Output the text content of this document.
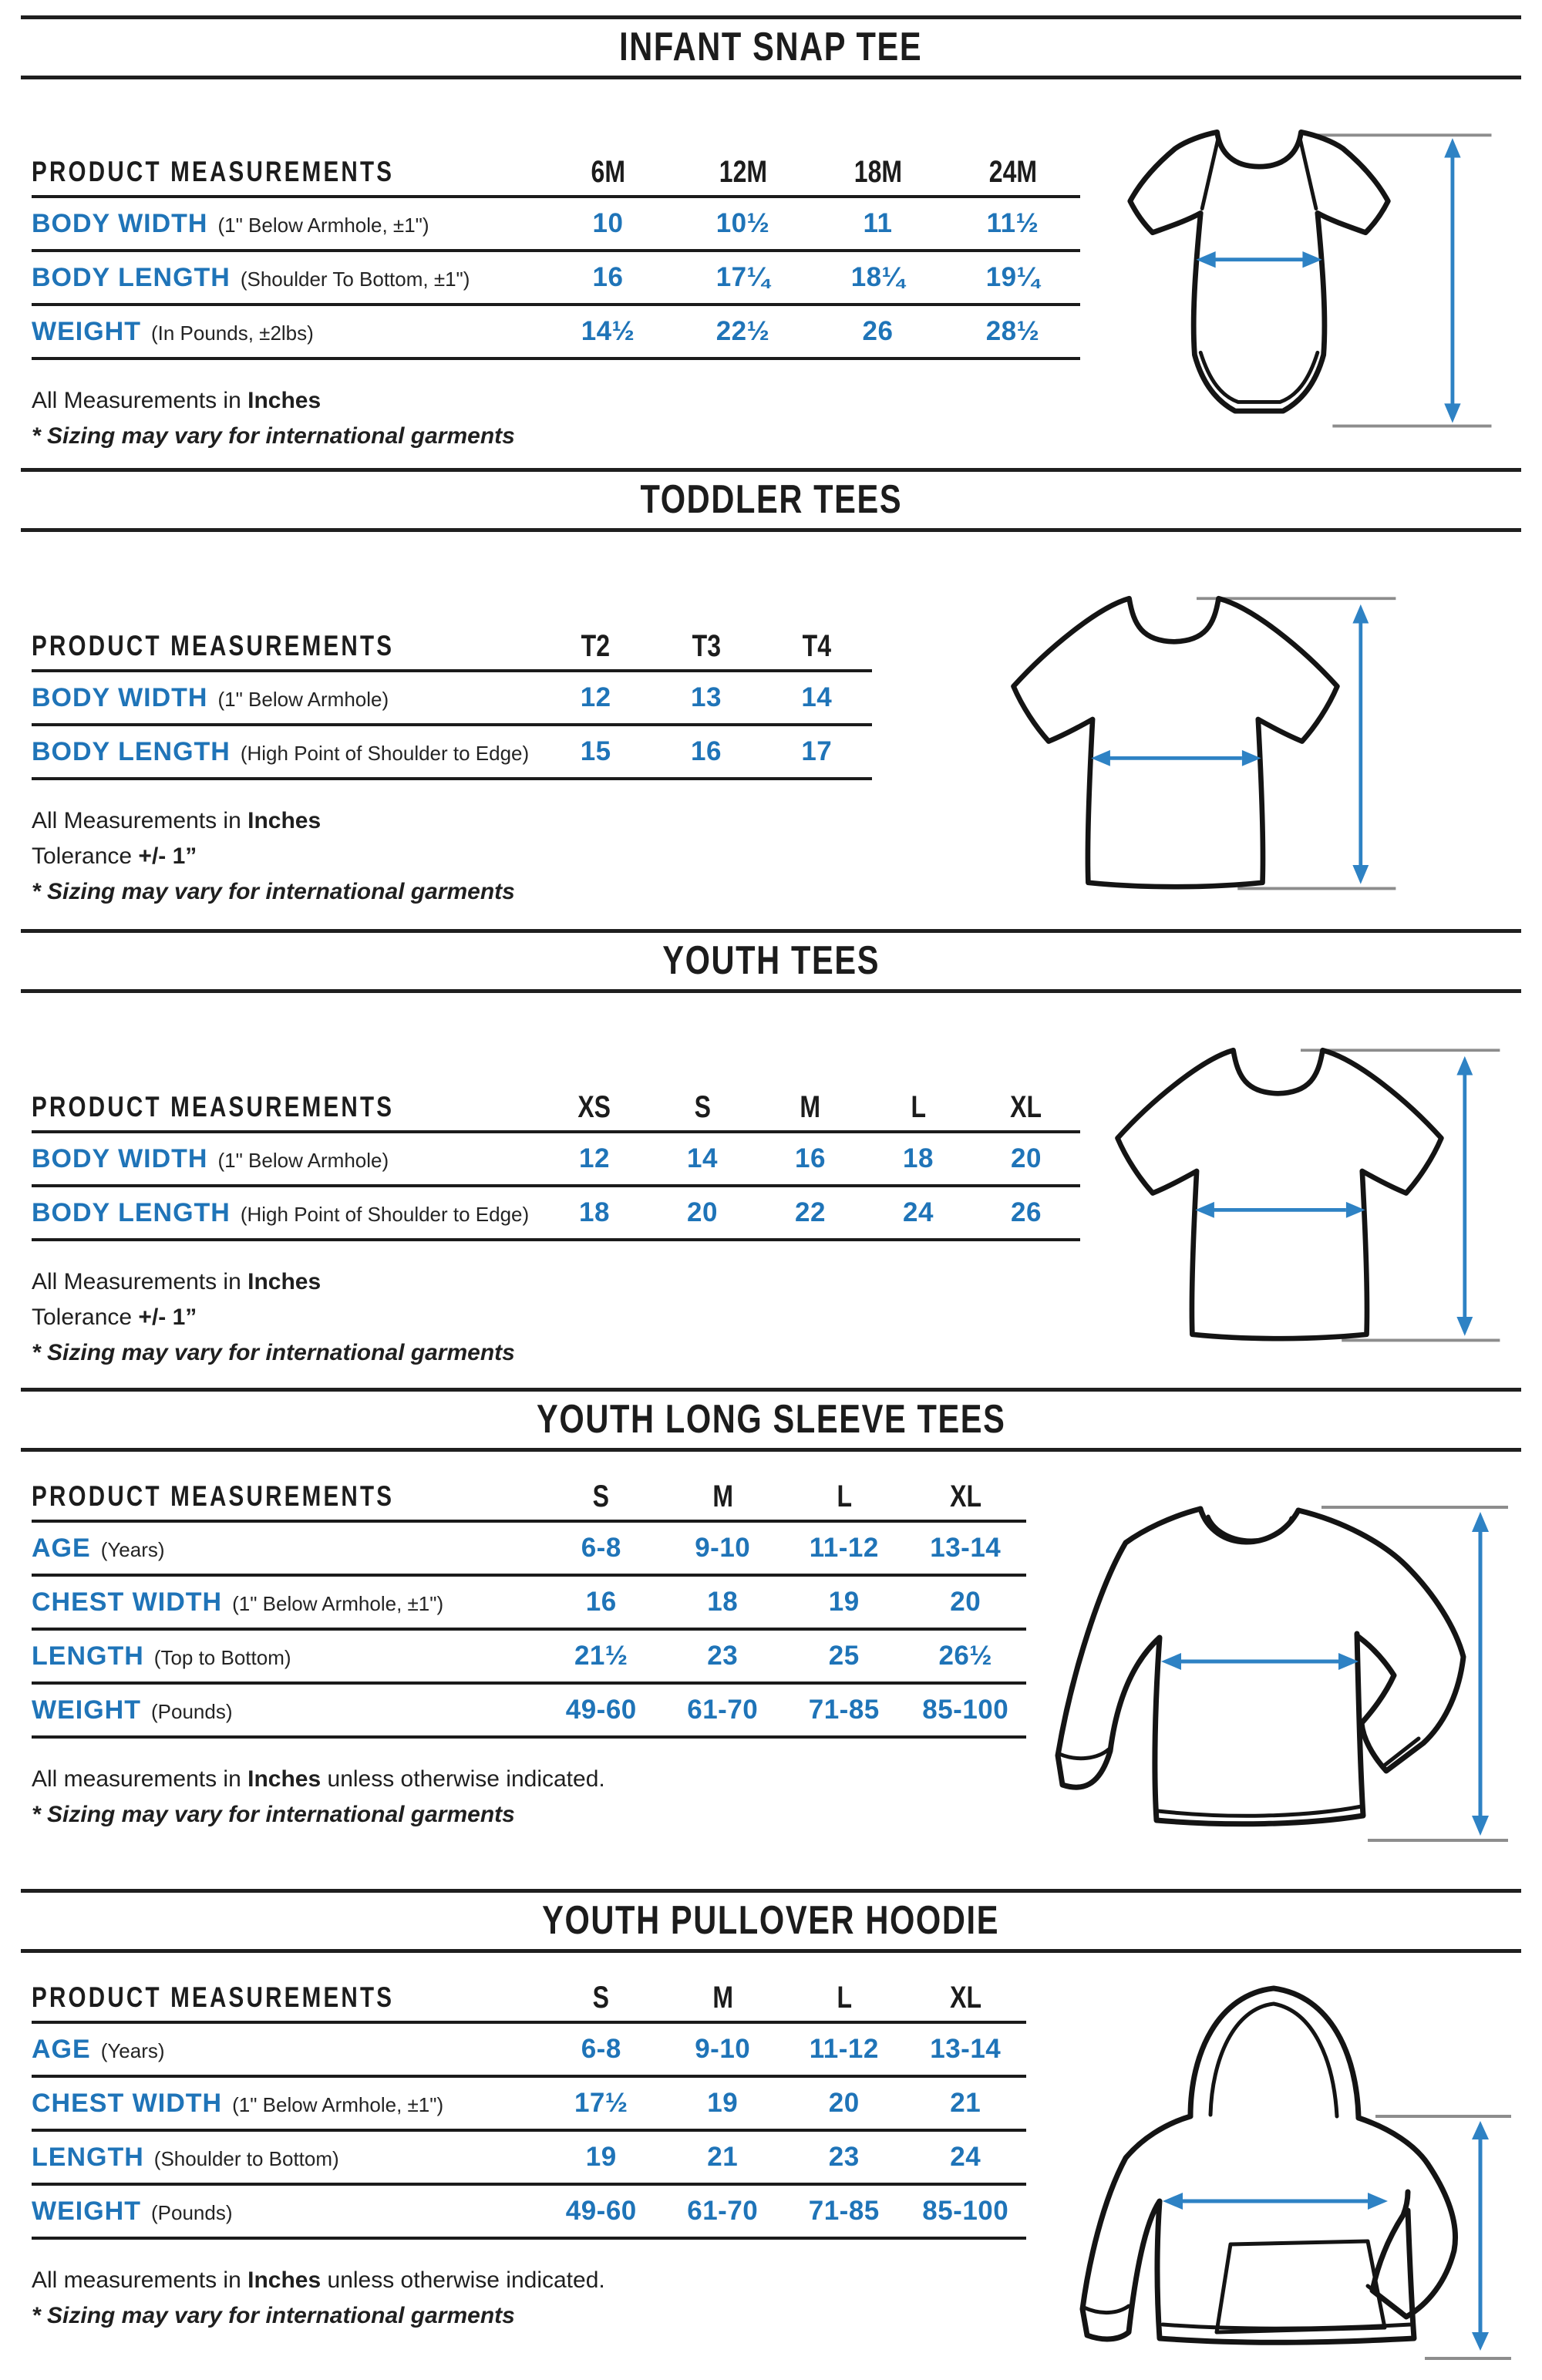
INFANT SNAP TEE
PRODUCT MEASUREMENTS	6M	12M	18M	24M
BODY WIDTH (1" Below Armhole, ±1")	10	10½	11	11½
BODY LENGTH (Shoulder To Bottom, ±1")	16	17¼	18¼	19¼
WEIGHT (In Pounds, ±2lbs)	14½	22½	26	28½

All Measurements in Inches

* Sizing may vary for international garments

TODDLER TEES
PRODUCT MEASUREMENTS	T2	T3	T4
BODY WIDTH (1" Below Armhole)	12	13	14
BODY LENGTH (High Point of Shoulder to Edge)	15	16	17

All Measurements in Inches

Tolerance +/- 1”

* Sizing may vary for international garments

YOUTH TEES
PRODUCT MEASUREMENTS	XS	S	M	L	XL
BODY WIDTH (1" Below Armhole)	12	14	16	18	20
BODY LENGTH (High Point of Shoulder to Edge)	18	20	22	24	26

All Measurements in Inches

Tolerance +/- 1”

* Sizing may vary for international garments

YOUTH LONG SLEEVE TEES
PRODUCT MEASUREMENTS	S	M	L	XL
AGE (Years)	6-8	9-10	11-12	13-14
CHEST WIDTH (1" Below Armhole, ±1")	16	18	19	20
LENGTH (Top to Bottom)	21½	23	25	26½
WEIGHT (Pounds)	49-60	61-70	71-85	85-100

All measurements in Inches unless otherwise indicated.

* Sizing may vary for international garments

YOUTH PULLOVER HOODIE
PRODUCT MEASUREMENTS	S	M	L	XL
AGE (Years)	6-8	9-10	11-12	13-14
CHEST WIDTH (1" Below Armhole, ±1")	17½	19	20	21
LENGTH (Shoulder to Bottom)	19	21	23	24
WEIGHT (Pounds)	49-60	61-70	71-85	85-100

All measurements in Inches unless otherwise indicated.

* Sizing may vary for international garments
